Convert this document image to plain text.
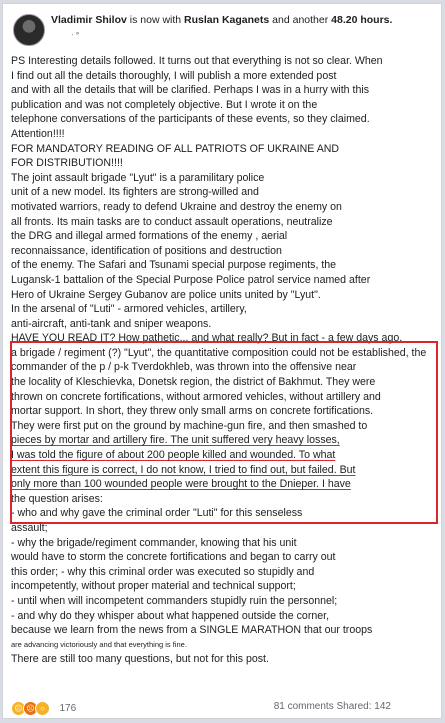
Vladimir Shilov is now with Ruslan Kaganets and another 48.20 hours.
ᐧ ᐤ
PS Interesting details followed. It turns out that everything is not so clear. When
I find out all the details thoroughly, I will publish a more extended post
and with all the details that will be clarified. Perhaps I was in a hurry with this
publication and was not completely objective. But I wrote it on the
telephone conversations of the participants of these events, so they claimed.
Attention!!!!
FOR MANDATORY READING OF ALL PATRIOTS OF UKRAINE AND
FOR DISTRIBUTION!!!!
The joint assault brigade "Lyut" is a paramilitary police
unit of a new model. Its fighters are strong-willed and
motivated warriors, ready to defend Ukraine and destroy the enemy on
all fronts. Its main tasks are to conduct assault operations, neutralize
the DRG and illegal armed formations of the enemy , aerial
reconnaissance, identification of positions and destruction
of the enemy. The Safari and Tsunami special purpose regiments, the
Lugansk-1 battalion of the Special Purpose Police patrol service named after
Hero of Ukraine Sergey Gubanov are police units united by "Lyut".
In the arsenal of "Luti" - armored vehicles, artillery,
anti-aircraft, anti-tank and sniper weapons.
HAVE YOU READ IT? How pathetic... and what really? But in fact - a few days ago,
a brigade / regiment (?) "Lyut", the quantitative composition could not be established, the
commander of the p / p-k Tverdokhleb, was thrown into the offensive near
the locality of Kleschievka, Donetsk region, the district of Bakhmut. They were
thrown on concrete fortifications, without armored vehicles, without artillery and
mortar support. In short, they threw only small arms on concrete fortifications.
They were first put on the ground by machine-gun fire, and then smashed to
pieces by mortar and artillery fire. The unit suffered very heavy losses,
I was told the figure of about 200 people killed and wounded. To what
extent this figure is correct, I do not know, I tried to find out, but failed. But
only more than 100 wounded people were brought to the Dnieper. I have
the question arises:
- who and why gave the criminal order "Luti" for this senseless
assault;
- why the brigade/regiment commander, knowing that his unit
would have to storm the concrete fortifications and began to carry out
this order; - why this criminal order was executed so stupidly and
incompetently, without proper material and technical support;
- until when will incompetent commanders stupidly ruin the personnel;
- and why do they whisper about what happened outside the corner,
because we learn from the news from a SINGLE MARATHON that our troops
are advancing victoriously and that everything is fine.
There are still too many questions, but not for this post.
☹ ☹ ○ 176	81 comments Shared: 142
